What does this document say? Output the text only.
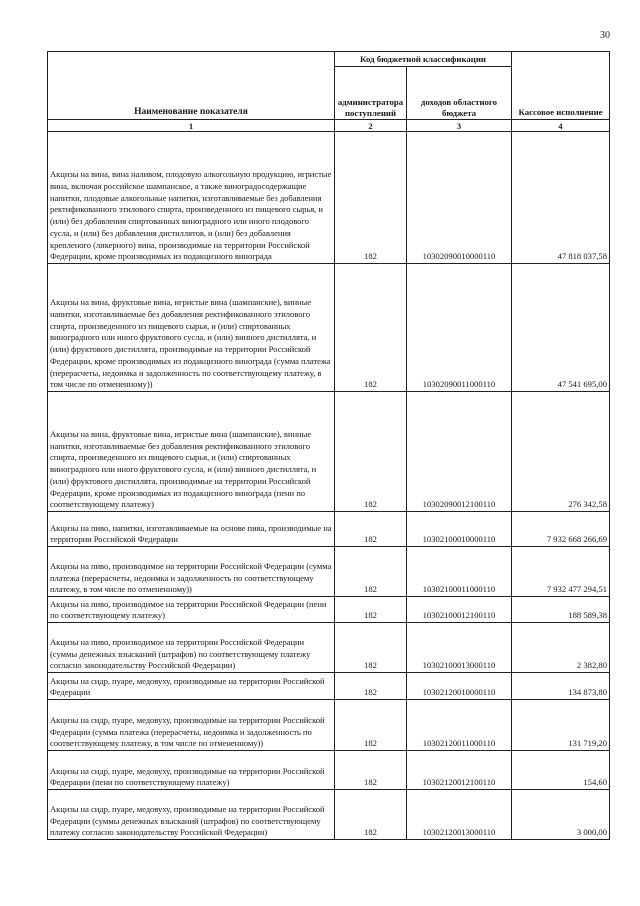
30
Наименование показателя	Код бюджетной классификации		Кассовое исполнение
	администратора поступлений	доходов областного бюджета	
1	2	3	4
Акцизы на вина, вина наливом, плодовую алкогольную продукцию, игристые вина, включая российское шампанское, а также виноградосодержащие напитки, плодовые алкогольные напитки, изготавливаемые без добавления ректификованного этилового спирта, произведенного из пищевого сырья, и (или) без добавления спиртованных виноградного или иного плодового сусла, и (или) без добавления дистиллятов, и (или) без добавления крепленого (ликерного) вина, производимые на территории Российской Федерации, кроме производимых из подакцизного винограда	182	10302090010000110	47 818 037,58
Акцизы на вина, фруктовые вина, игристые вина (шампанские), винные напитки, изготавливаемые без добавления ректификованного этилового спирта, произведенного из пищевого сырья, и (или) спиртованных виноградного или иного фруктового сусла, и (или) винного дистиллята, и (или) фруктового дистиллята, производимые на территории Российской Федерации, кроме производимых из подакцизного винограда (сумма платежа (перерасчеты, недоимка и задолженность по соответствующему платежу, в том числе по отмененному))	182	10302090011000110	47 541 695,00
Акцизы на вина, фруктовые вина, игристые вина (шампанские), винные напитки, изготавливаемые без добавления ректификованного этилового спирта, произведенного из пищевого сырья, и (или) спиртованных виноградного или иного фруктового сусла, и (или) винного дистиллята, и (или) фруктового дистиллята, производимые на территории Российской Федерации, кроме производимых из подакцизного винограда (пени по соответствующему платежу)	182	10302090012100110	276 342,58
Акцизы на пиво, напитки, изготавливаемые на основе пива, производимые на территории Российской Федерации	182	10302100010000110	7 932 668 266,69
Акцизы на пиво, производимое на территории Российской Федерации (сумма платежа (перерасчеты, недоимка и задолженность по соответствующему платежу, в том числе по отмененному))	182	10302100011000110	7 932 477 294,51
Акцизы на пиво, производимое на территории Российской Федерации (пени по соответствующему платежу)	182	10302100012100110	188 589,38
Акцизы на пиво, производимое на территории Российской Федерации (суммы денежных взысканий (штрафов) по соответствующему платежу согласно законодательству Российской Федерации)	182	10302100013000110	2 382,80
Акцизы на сидр, пуаре, медовуху, производимые на территории Российской Федерации	182	10302120010000110	134 873,80
Акцизы на сидр, пуаре, медовуху, производимые на территории Российской Федерации (сумма платежа (перерасчеты, недоимка и задолженность по соответствующему платежу, в том числе по отмененному))	182	10302120011000110	131 719,20
Акцизы на сидр, пуаре, медовуху, производимые на территории Российской Федерации (пени по соответствующему платежу)	182	10302120012100110	154,60
Акцизы на сидр, пуаре, медовуху, производимые на территории Российской Федерации (суммы денежных взысканий (штрафов) по соответствующему платежу согласно законодательству Российской Федерации)	182	10302120013000110	3 000,00
